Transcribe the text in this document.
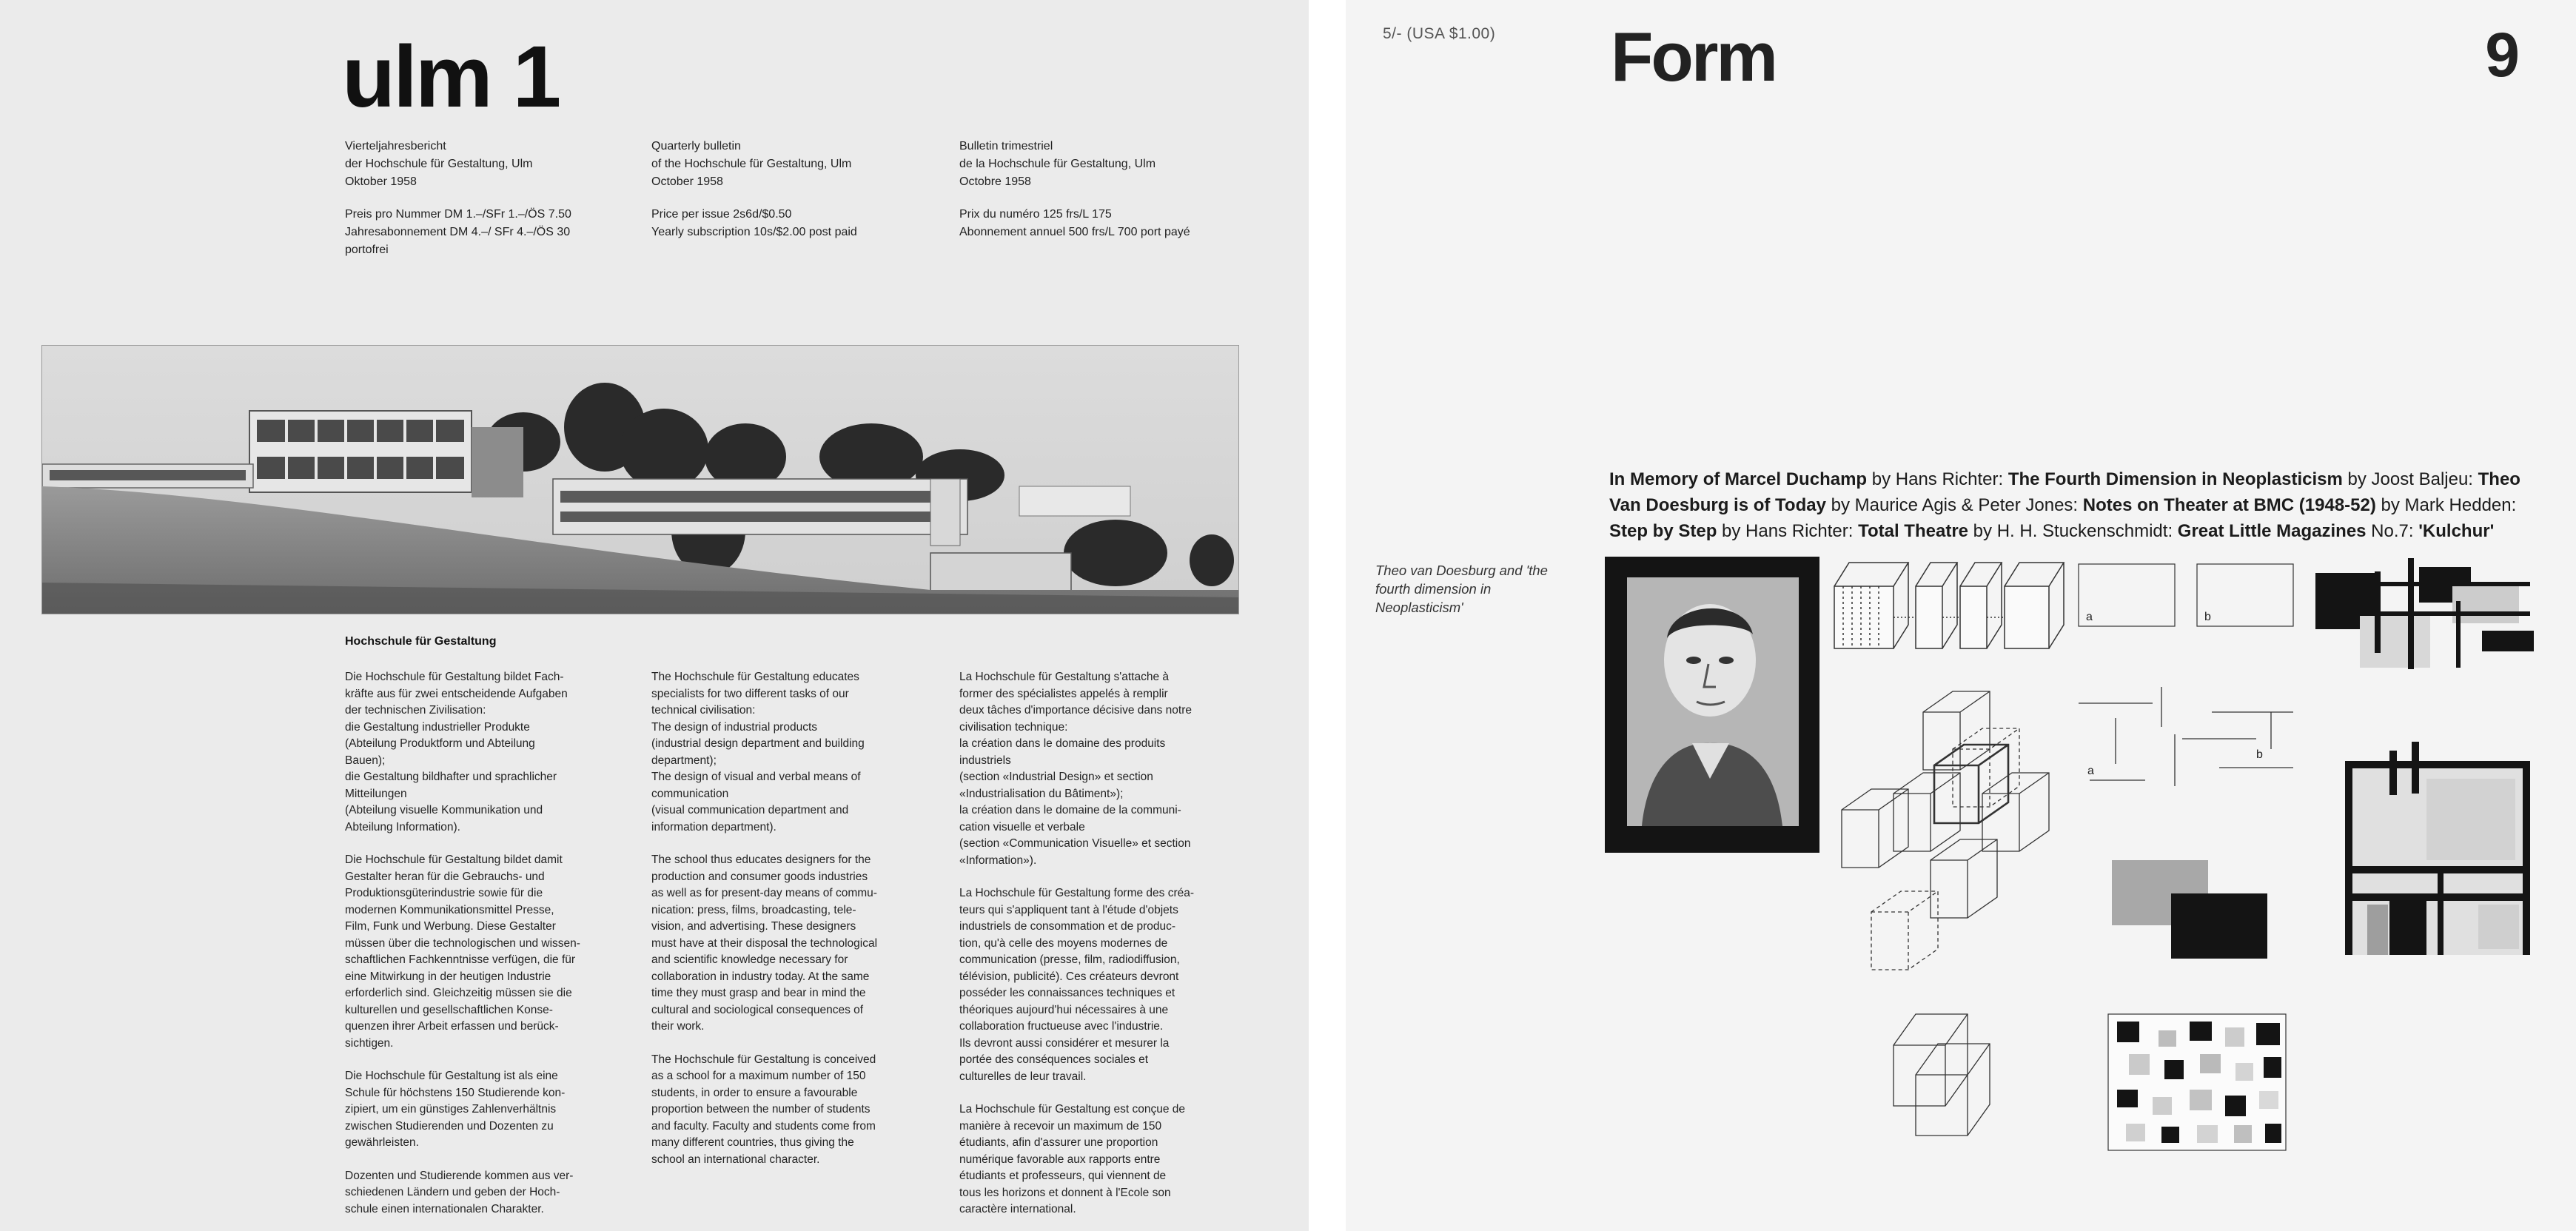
ulm 1

Vierteljahresbericht
der Hochschule für Gestaltung, Ulm
Oktober 1958

Preis pro Nummer DM 1.–/SFr 1.–/ÖS 7.50
Jahresabonnement DM 4.–/ SFr 4.–/ÖS 30
portofrei

Quarterly bulletin
of the Hochschule für Gestaltung, Ulm
October 1958

Price per issue 2s6d/$0.50
Yearly subscription 10s/$2.00 post paid

Bulletin trimestriel
de la Hochschule für Gestaltung, Ulm
Octobre 1958

Prix du numéro 125 frs/L 175
Abonnement annuel 500 frs/L 700 port payé

Hochschule für Gestaltung

Die Hochschule für Gestaltung bildet Fach-
kräfte aus für zwei entscheidende Aufgaben
der technischen Zivilisation:
die Gestaltung industrieller Produkte
(Abteilung Produktform und Abteilung
Bauen);
die Gestaltung bildhafter und sprachlicher
Mitteilungen
(Abteilung visuelle Kommunikation und
Abteilung Information).

Die Hochschule für Gestaltung bildet damit
Gestalter heran für die Gebrauchs- und
Produktionsgüterindustrie sowie für die
modernen Kommunikationsmittel Presse,
Film, Funk und Werbung. Diese Gestalter
müssen über die technologischen und wissen-
schaftlichen Fachkenntnisse verfügen, die für
eine Mitwirkung in der heutigen Industrie
erforderlich sind. Gleichzeitig müssen sie die
kulturellen und gesellschaftlichen Konse-
quenzen ihrer Arbeit erfassen und berück-
sichtigen.

Die Hochschule für Gestaltung ist als eine
Schule für höchstens 150 Studierende kon-
zipiert, um ein günstiges Zahlenverhältnis
zwischen Studierenden und Dozenten zu
gewährleisten.

Dozenten und Studierende kommen aus ver-
schiedenen Ländern und geben der Hoch-
schule einen internationalen Charakter.

The Hochschule für Gestaltung educates
specialists for two different tasks of our
technical civilisation:
The design of industrial products
(industrial design department and building
department);
The design of visual and verbal means of
communication
(visual communication department and
information department).

The school thus educates designers for the
production and consumer goods industries
as well as for present-day means of commu-
nication: press, films, broadcasting, tele-
vision, and advertising. These designers
must have at their disposal the technological
and scientific knowledge necessary for
collaboration in industry today. At the same
time they must grasp and bear in mind the
cultural and sociological consequences of
their work.

The Hochschule für Gestaltung is conceived
as a school for a maximum number of 150
students, in order to ensure a favourable
proportion between the number of students
and faculty. Faculty and students come from
many different countries, thus giving the
school an international character.

La Hochschule für Gestaltung s'attache à
former des spécialistes appelés à remplir
deux tâches d'importance décisive dans notre
civilisation technique:
la création dans le domaine des produits
industriels
(section «Industrial Design» et section
«Industrialisation du Bâtiment»);
la création dans le domaine de la communi-
cation visuelle et verbale
(section «Communication Visuelle» et section
«Information»).

La Hochschule für Gestaltung forme des créa-
teurs qui s'appliquent tant à l'étude d'objets
industriels de consommation et de produc-
tion, qu'à celle des moyens modernes de
communication (presse, film, radiodiffusion,
télévision, publicité). Ces créateurs devront
posséder les connaissances techniques et
théoriques aujourd'hui nécessaires à une
collaboration fructueuse avec l'industrie.
Ils devront aussi considérer et mesurer la
portée des conséquences sociales et
culturelles de leur travail.

La Hochschule für Gestaltung est conçue de
manière à recevoir un maximum de 150
étudiants, afin d'assurer une proportion
numérique favorable aux rapports entre
étudiants et professeurs, qui viennent de
tous les horizons et donnent à l'Ecole son
caractère international.

5/- (USA $1.00) Form	9

In Memory of Marcel Duchamp by Hans Richter: The Fourth Dimension in Neoplasticism by Joost Baljeu: Theo Van Doesburg is of Today by Maurice Agis & Peter Jones: Notes on Theater at BMC (1948-52) by Mark Hedden: Step by Step by Hans Richter: Total Theatre by H. H. Stuckenschmidt: Great Little Magazines No.7: 'Kulchur'

Theo van Doesburg and 'the
fourth dimension in
Neoplasticism'

a	b
a
b
